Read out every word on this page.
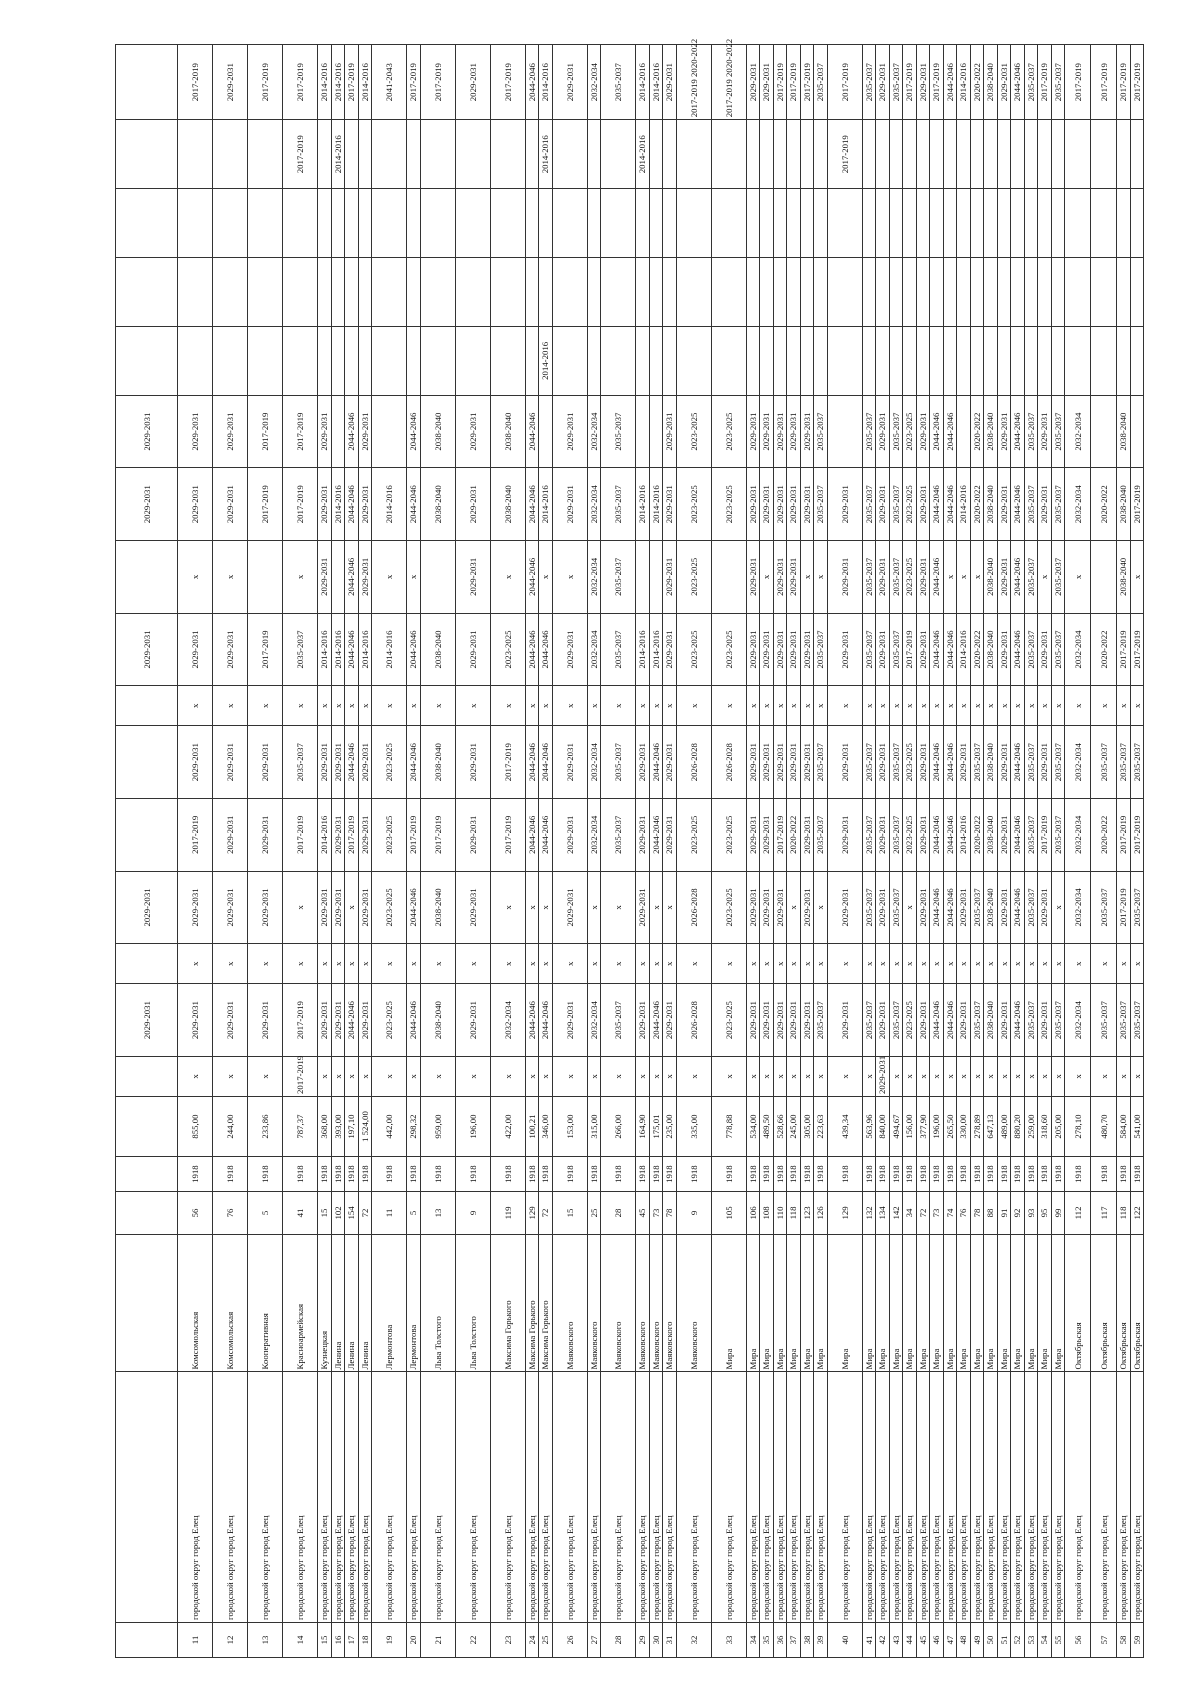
							2029-2031		2029-2031				2029-2031		2029-2031	2029-2031					
11	городской округ город Елец	Комсомольская	56	1918	855,00	х	2029-2031	х	2029-2031	2017-2019	2029-2031	х	2029-2031	х	2029-2031	2029-2031					2017-2019
12	городской округ город Елец	Комсомольская	76	1918	244,00	х	2029-2031	х	2029-2031	2029-2031	2029-2031	х	2029-2031	х	2029-2031	2029-2031					2029-2031
13	городской округ город Елец	Кооперативная	5	1918	233,86	х	2029-2031	х	2029-2031	2029-2031	2029-2031	х	2017-2019		2017-2019	2017-2019					2017-2019
14	городской округ город Елец	Красноармейская	41	1918	787,37	2017-2019	2017-2019	х	х	2017-2019	2035-2037	х	2035-2037	х	2017-2019	2017-2019				2017-2019	2017-2019
15	городской округ город Елец	Кузнецкая	15	1918	368,00	х	2029-2031	х	2029-2031	2014-2016	2029-2031	х	2014-2016	2029-2031	2029-2031	2029-2031					2014-2016
16	городской округ город Елец	Ленина	102	1918	393,00	х	2029-2031	х	2029-2031	2029-2031	2029-2031	х	2014-2016		2014-2016					2014-2016	2014-2016
17	городской округ город Елец	Ленина	154	1918	197,10	х	2044-2046	х	х	2017-2019	2044-2046	х	2044-2046	2044-2046	2044-2046	2044-2046					2017-2019
18	городской округ город Елец	Ленина	72	1918	1 524,00	х	2029-2031	х	2029-2031	2029-2031	2029-2031	х	2014-2016	2029-2031	2029-2031	2029-2031					2014-2016
19	городской округ город Елец	Лермонтова	11	1918	442,00	х	2023-2025	х	2023-2025	2023-2025	2023-2025	х	2014-2016	х	2014-2016						2041-2043
20	городской округ город Елец	Лермонтова	5	1918	298,32	х	2044-2046	х	2044-2046	2017-2019	2044-2046	х	2044-2046	х	2044-2046	2044-2046					2017-2019
21	городской округ город Елец	Льва Толстого	13	1918	959,00	х	2038-2040	х	2038-2040	2017-2019	2038-2040	х	2038-2040		2038-2040	2038-2040					2017-2019
22	городской округ город Елец	Льва Толстого	9	1918	196,00	х	2029-2031	х	2029-2031	2029-2031	2029-2031	х	2029-2031	2029-2031	2029-2031	2029-2031					2029-2031
23	городской округ город Елец	Максима Горького	119	1918	422,00	х	2032-2034	х	х	2017-2019	2017-2019	х	2023-2025	х	2038-2040	2038-2040					2017-2019
24	городской округ город Елец	Максима Горького	129	1918	100,21	х	2044-2046	х	х	2044-2046	2044-2046	х	2044-2046	2044-2046	2044-2046	2044-2046					2044-2046
25	городской округ город Елец	Максима Горького	72	1918	346,00	х	2044-2046	х	х	2044-2046	2044-2046	х	2044-2046	х	2014-2016		2014-2016			2014-2016	2014-2016
26	городской округ город Елец	Маяковского	15	1918	153,00	х	2029-2031	х	2029-2031	2029-2031	2029-2031	х	2029-2031	х	2029-2031	2029-2031					2029-2031
27	городской округ город Елец	Маяковского	25	1918	315,00	х	2032-2034	х	х	2032-2034	2032-2034	х	2032-2034	2032-2034	2032-2034	2032-2034					2032-2034
28	городской округ город Елец	Маяковского	28	1918	266,00	х	2035-2037	х	х	2035-2037	2035-2037	х	2035-2037	2035-2037	2035-2037	2035-2037					2035-2037
29	городской округ город Елец	Маяковского	45	1918	164,90	х	2029-2031	х	2029-2031	2029-2031	2029-2031	х	2014-2016		2014-2016					2014-2016	2014-2016
30	городской округ город Елец	Маяковского	73	1918	175,01	х	2044-2046	х	х	2044-2046	2044-2046	х	2014-2016		2014-2016						2014-2016
31	городской округ город Елец	Маяковского	78	1918	235,00	х	2029-2031	х	х	2029-2031	2029-2031	х	2029-2031	2029-2031	2029-2031	2029-2031					2029-2031
32	городской округ город Елец	Маяковского	9	1918	335,00	х	2026-2028	х	2026-2028	2023-2025	2026-2028	х	2023-2025	2023-2025	2023-2025	2023-2025					2017-2019 2020-2022
33	городской округ город Елец	Мира	105	1918	778,88	х	2023-2025	х	2023-2025	2023-2025	2026-2028	х	2023-2025		2023-2025	2023-2025					2017-2019 2020-2022
34	городской округ город Елец	Мира	106	1918	534,00	х	2029-2031	х	2029-2031	2029-2031	2029-2031	х	2029-2031	2029-2031	2029-2031	2029-2031					2029-2031
35	городской округ город Елец	Мира	108	1918	489,50	х	2029-2031	х	2029-2031	2029-2031	2029-2031	х	2029-2031	х	2029-2031	2029-2031					2029-2031
36	городской округ город Елец	Мира	110	1918	528,66	х	2029-2031	х	2029-2031	2017-2019	2029-2031	х	2029-2031	2029-2031	2029-2031	2029-2031					2017-2019
37	городской округ город Елец	Мира	118	1918	245,00	х	2029-2031	х	х	2020-2022	2029-2031	х	2029-2031	2029-2031	2029-2031	2029-2031					2017-2019
38	городской округ город Елец	Мира	123	1918	305,00	х	2029-2031	х	2029-2031	2029-2031	2029-2031	х	2029-2031	х	2029-2031	2029-2031					2017-2019
39	городской округ город Елец	Мира	126	1918	223,63	х	2035-2037	х	х	2035-2037	2035-2037	х	2035-2037	х	2035-2037	2035-2037					2035-2037
40	городской округ город Елец	Мира	129	1918	439,34	х	2029-2031	х	2029-2031	2029-2031	2029-2031	х	2029-2031	2029-2031	2029-2031					2017-2019	2017-2019
41	городской округ город Елец	Мира	132	1918	563,96	х	2035-2037	х	2035-2037	2035-2037	2035-2037	х	2035-2037	2035-2037	2035-2037	2035-2037					2035-2037
42	городской округ город Елец	Мира	134	1918	840,00	2029-2031	2029-2031	х	2029-2031	2029-2031	2029-2031	х	2029-2031	2029-2031	2029-2031	2029-2031					2029-2031
43	городской округ город Елец	Мира	142	1918	494,67	х	2035-2037	х	2035-2037	2035-2037	2035-2037	х	2035-2037	2035-2037	2035-2037	2035-2037					2035-2037
44	городской округ город Елец	Мира	34	1918	156,00	х	2023-2025	х	х	2023-2025	2023-2025	х	2017-2019	2023-2025	2023-2025	2023-2025					2017-2019
45	городской округ город Елец	Мира	72	1918	377,90	х	2029-2031	х	2029-2031	2029-2031	2029-2031	х	2029-2031	2029-2031	2029-2031	2029-2031					2029-2031
46	городской округ город Елец	Мира	73	1918	196,00	х	2044-2046	х	2044-2046	2044-2046	2044-2046	х	2044-2046	2044-2046	2044-2046	2044-2046					2017-2019
47	городской округ город Елец	Мира	74	1918	265,50	х	2044-2046	х	2044-2046	2044-2046	2044-2046	х	2044-2046	х	2044-2046	2044-2046					2044-2046
48	городской округ город Елец	Мира	76	1918	330,00	х	2029-2031	х	2029-2031	2014-2016	2029-2031	х	2014-2016	х	2014-2016						2014-2016
49	городской округ город Елец	Мира	78	1918	278,89	х	2035-2037	х	2035-2037	2020-2022	2035-2037	х	2020-2022	х	2020-2022	2020-2022					2020-2022
50	городской округ город Елец	Мира	88	1918	647,13	х	2038-2040	х	2038-2040	2038-2040	2038-2040	х	2038-2040	2038-2040	2038-2040	2038-2040					2038-2040
51	городской округ город Елец	Мира	91	1918	489,00	х	2029-2031	х	2029-2031	2029-2031	2029-2031	х	2029-2031	2029-2031	2029-2031	2029-2031					2029-2031
52	городской округ город Елец	Мира	92	1918	880,20	х	2044-2046	х	2044-2046	2044-2046	2044-2046	х	2044-2046	2044-2046	2044-2046	2044-2046					2044-2046
53	городской округ город Елец	Мира	93	1918	259,00	х	2035-2037	х	2035-2037	2035-2037	2035-2037	х	2035-2037	2035-2037	2035-2037	2035-2037					2035-2037
54	городской округ город Елец	Мира	95	1918	318,60	х	2029-2031	х	2029-2031	2017-2019	2029-2031	х	2029-2031	х	2029-2031	2029-2031					2017-2019
55	городской округ город Елец	Мира	99	1918	205,00	х	2035-2037	х	х	2035-2037	2035-2037	х	2035-2037	2035-2037	2035-2037	2035-2037					2035-2037
56	городской округ город Елец	Октябрьская	112	1918	278,10	х	2032-2034	х	2032-2034	2032-2034	2032-2034	х	2032-2034	х	2032-2034	2032-2034					2017-2019
57	городской округ город Елец	Октябрьская	117	1918	480,70	х	2035-2037	х	2035-2037	2020-2022	2035-2037	х	2020-2022		2020-2022						2017-2019
58	городской округ город Елец	Октябрьская	118	1918	584,00	х	2035-2037	х	2017-2019	2017-2019	2035-2037	х	2017-2019	2038-2040	2038-2040	2038-2040					2017-2019
59	городской округ город Елец	Октябрьская	122	1918	541,00	х	2035-2037	х	2035-2037	2017-2019	2035-2037	х	2017-2019	х	2017-2019						2017-2019
